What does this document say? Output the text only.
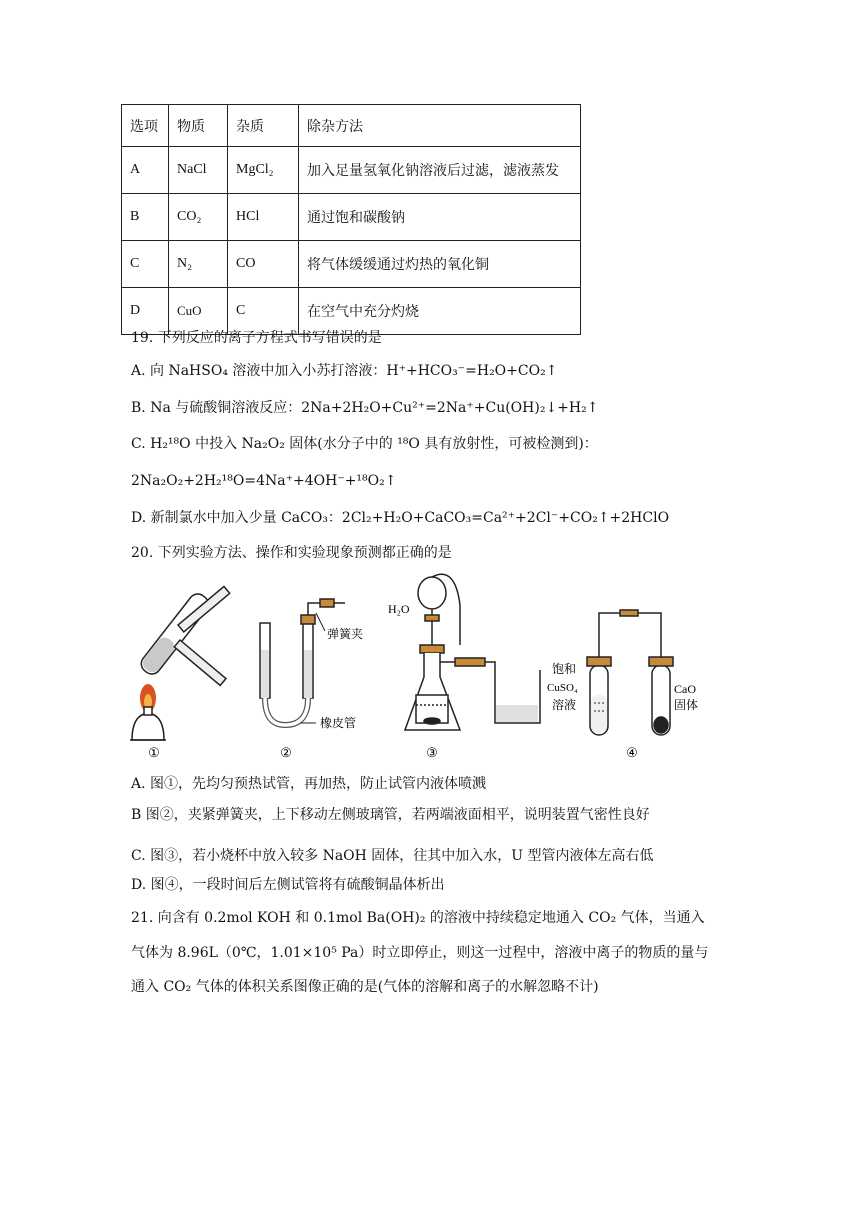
选项	物质	杂质	除杂方法
A	NaCl	MgCl₂	加入足量氢氧化钠溶液后过滤，滤液蒸发
B	CO₂	HCl	通过饱和碳酸钠
C	N₂	CO	将气体缓缓通过灼热的氧化铜
D	CuO	C	在空气中充分灼烧
19. 下列反应的离子方程式书写错误的是
A. 向 NaHSO₄ 溶液中加入小苏打溶液：H⁺+HCO₃⁻=H₂O+CO₂↑
B. Na 与硫酸铜溶液反应：2Na+2H₂O+Cu²⁺=2Na⁺+Cu(OH)₂↓+H₂↑
C. H₂¹⁸O 中投入 Na₂O₂ 固体(水分子中的 ¹⁸O 具有放射性，可被检测到)：
2Na₂O₂+2H₂¹⁸O=4Na⁺+4OH⁻+¹⁸O₂↑
D. 新制氯水中加入少量 CaCO₃：2Cl₂+H₂O+CaCO₃=Ca²⁺+2Cl⁻+CO₂↑+2HClO
20. 下列实验方法、操作和实验现象预测都正确的是
①
弹簧夹
橡皮管
②
H₂O
③
饱和
CuSO₄
溶液
CaO
固体
④
A. 图①，先均匀预热试管，再加热，防止试管内液体喷溅
B 图②，夹紧弹簧夹，上下移动左侧玻璃管，若两端液面相平，说明装置气密性良好
C. 图③，若小烧杯中放入较多 NaOH 固体，往其中加入水，U 型管内液体左高右低
D. 图④，一段时间后左侧试管将有硫酸铜晶体析出
21. 向含有 0.2mol KOH 和 0.1mol Ba(OH)₂ 的溶液中持续稳定地通入 CO₂ 气体，当通入
气体为 8.96L（0℃，1.01×10⁵ Pa）时立即停止，则这一过程中，溶液中离子的物质的量与
通入 CO₂ 气体的体积关系图像正确的是(气体的溶解和离子的水解忽略不计)
